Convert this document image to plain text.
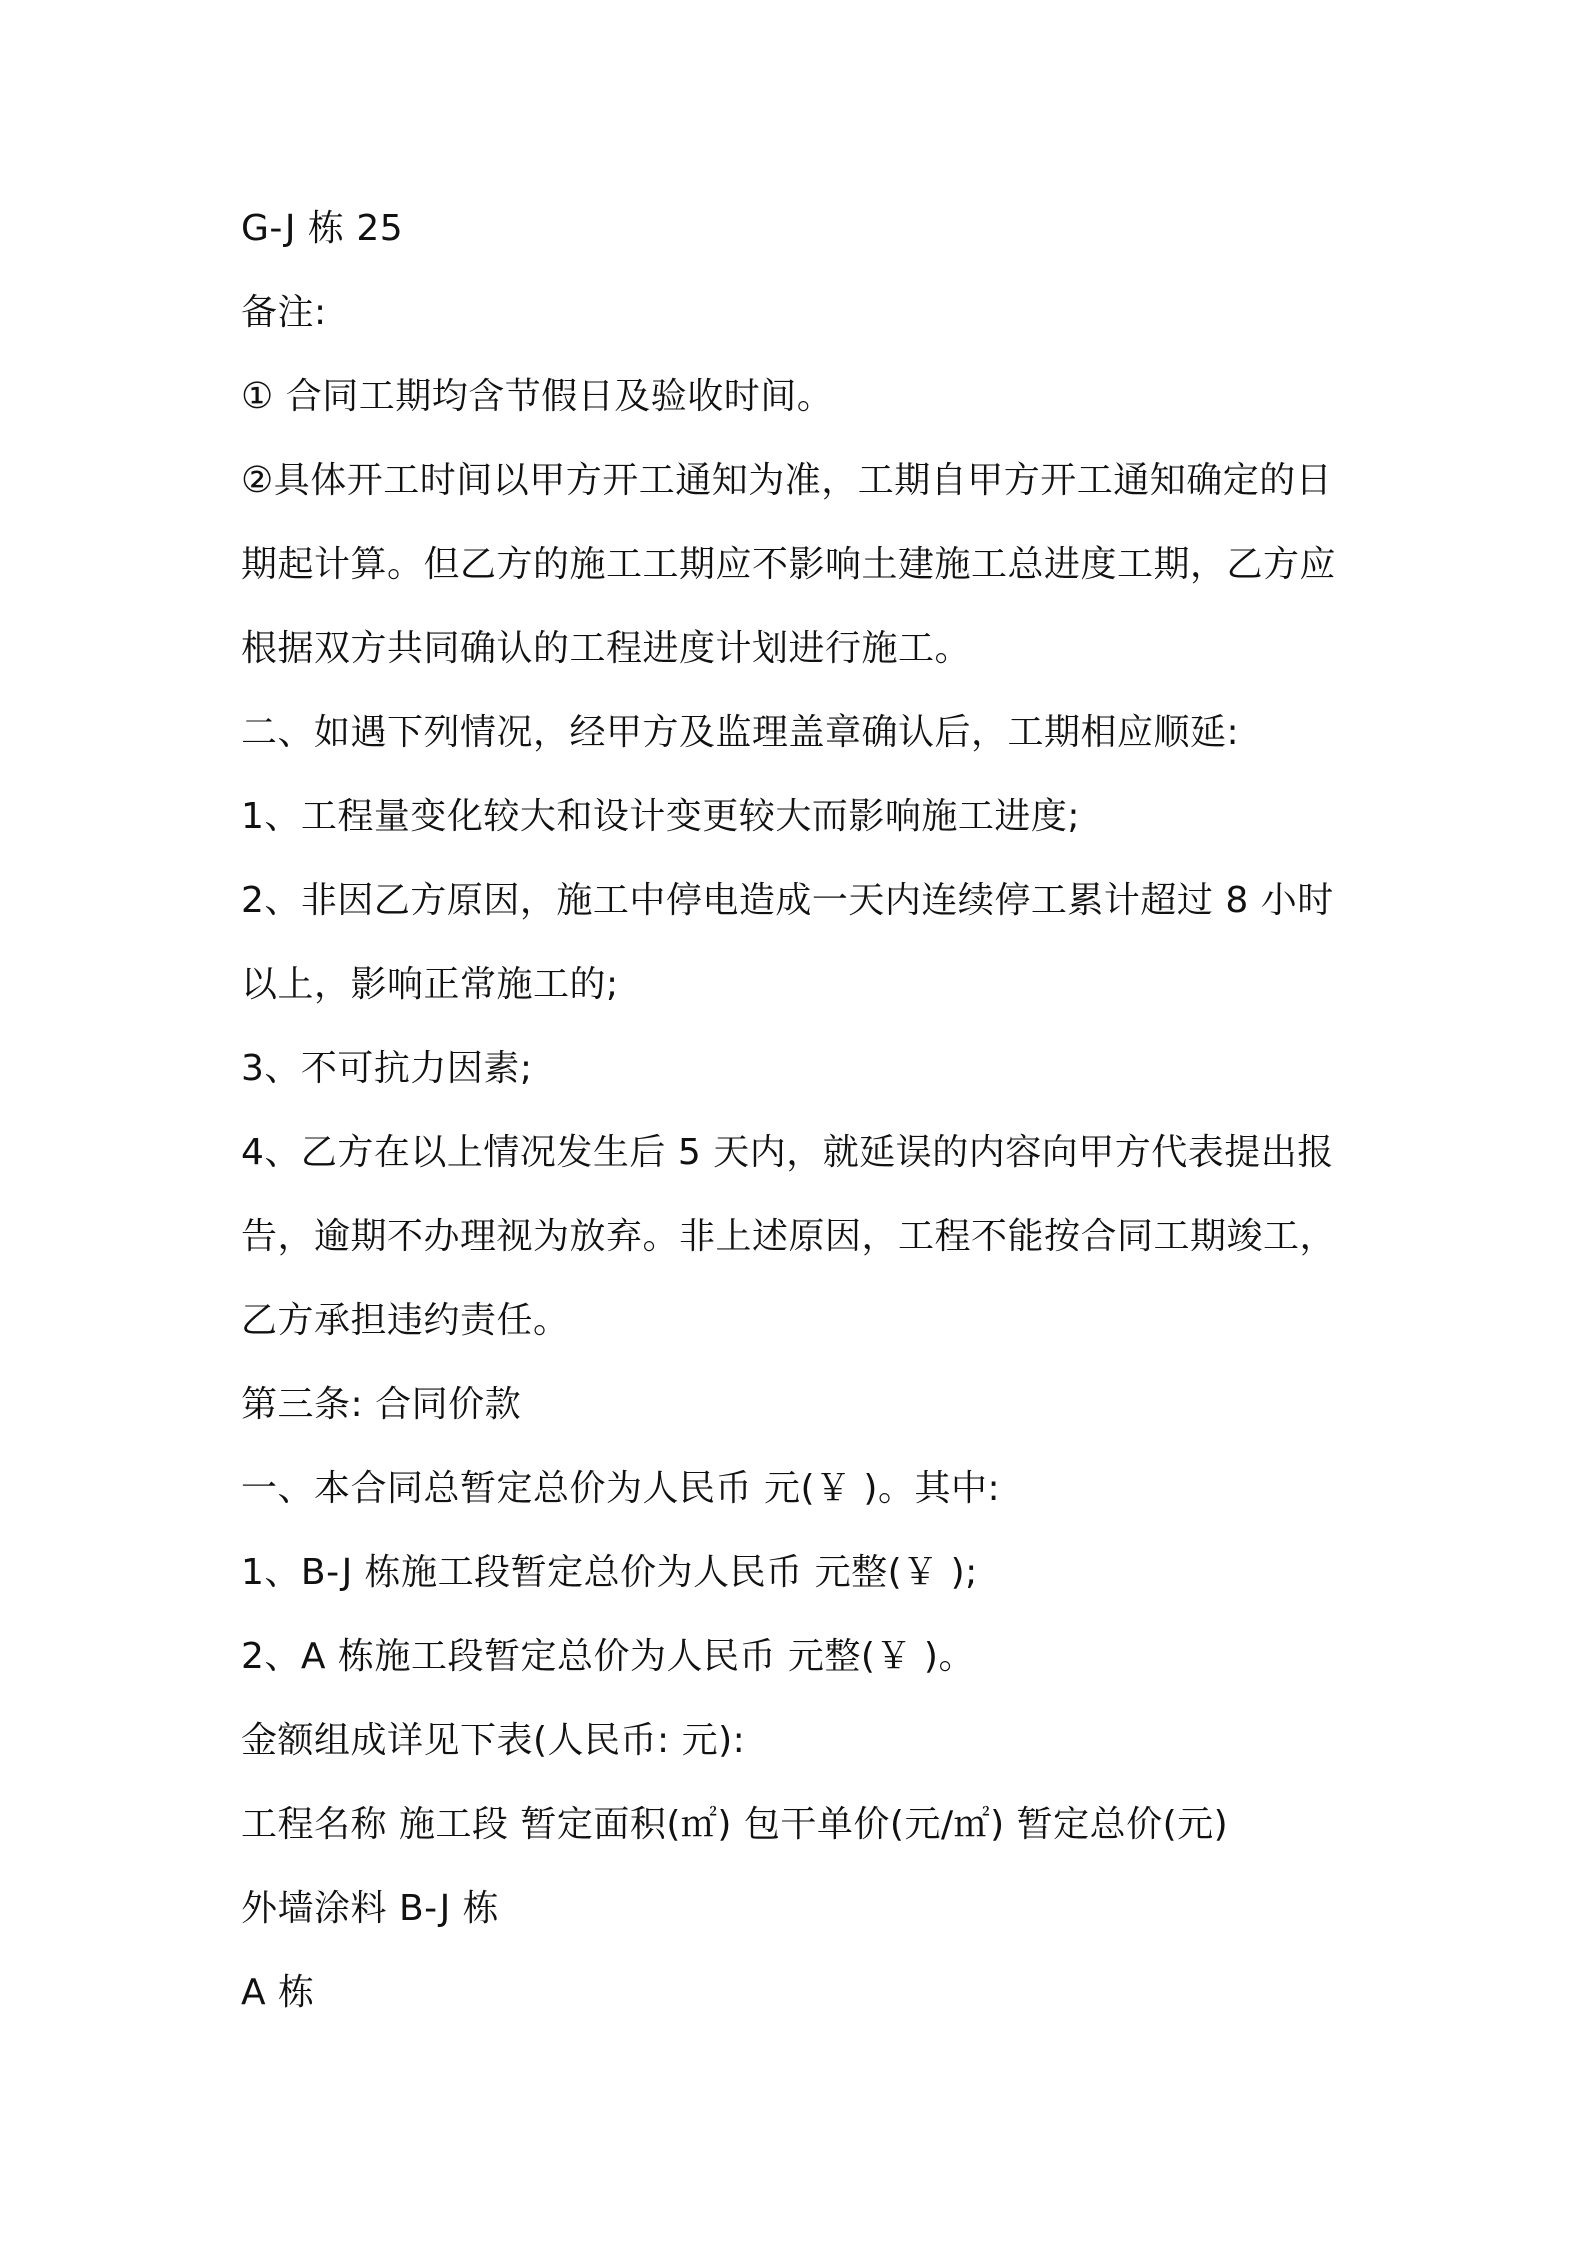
G-J 栋 25
备注:
① 合同工期均含节假日及验收时间。
②具体开工时间以甲方开工通知为准，工期自甲方开工通知确定的日
期起计算。但乙方的施工工期应不影响土建施工总进度工期，乙方应
根据双方共同确认的工程进度计划进行施工。
二、如遇下列情况，经甲方及监理盖章确认后，工期相应顺延:
1、工程量变化较大和设计变更较大而影响施工进度;
2、非因乙方原因，施工中停电造成一天内连续停工累计超过 8 小时
以上，影响正常施工的;
3、不可抗力因素;
4、乙方在以上情况发生后 5 天内，就延误的内容向甲方代表提出报
告，逾期不办理视为放弃。非上述原因，工程不能按合同工期竣工，
乙方承担违约责任。
第三条: 合同价款
一、本合同总暂定总价为人民币 元(￥ )。其中:
1、B-J 栋施工段暂定总价为人民币 元整(￥ );
2、A 栋施工段暂定总价为人民币 元整(￥ )。
金额组成详见下表(人民币: 元):
工程名称 施工段 暂定面积(㎡) 包干单价(元/㎡) 暂定总价(元)
外墙涂料 B-J 栋
A 栋
